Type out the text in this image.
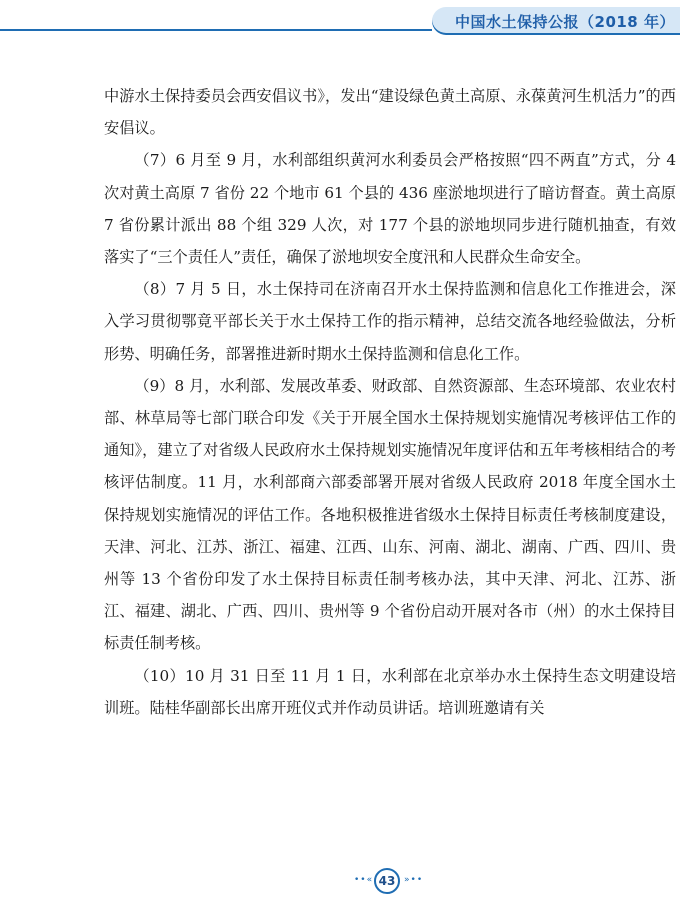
中国水土保持公报（2018 年）

中游水土保持委员会西安倡议书》，发出“建设绿色黄土高原、永葆黄河生机活力”的西安倡议。

（7）6 月至 9 月，水利部组织黄河水利委员会严格按照“四不两直”方式，分 4 次对黄土高原 7 省份 22 个地市 61 个县的 436 座淤地坝进行了暗访督查。黄土高原 7 省份累计派出 88 个组 329 人次，对 177 个县的淤地坝同步进行随机抽查，有效落实了“三个责任人”责任，确保了淤地坝安全度汛和人民群众生命安全。

（8）7 月 5 日，水土保持司在济南召开水土保持监测和信息化工作推进会，深入学习贯彻鄂竟平部长关于水土保持工作的指示精神，总结交流各地经验做法，分析形势、明确任务，部署推进新时期水土保持监测和信息化工作。

（9）8 月，水利部、发展改革委、财政部、自然资源部、生态环境部、农业农村部、林草局等七部门联合印发《关于开展全国水土保持规划实施情况考核评估工作的通知》，建立了对省级人民政府水土保持规划实施情况年度评估和五年考核相结合的考核评估制度。11 月，水利部商六部委部署开展对省级人民政府 2018 年度全国水土保持规划实施情况的评估工作。各地积极推进省级水土保持目标责任考核制度建设，天津、河北、江苏、浙江、福建、江西、山东、河南、湖北、湖南、广西、四川、贵州等 13 个省份印发了水土保持目标责任制考核办法，其中天津、河北、江苏、浙江、福建、湖北、广西、四川、贵州等 9 个省份启动开展对各市（州）的水土保持目标责任制考核。

（10）10 月 31 日至 11 月 1 日，水利部在北京举办水土保持生态文明建设培训班。陆桂华副部长出席开班仪式并作动员讲话。培训班邀请有关

••« 43 »••
